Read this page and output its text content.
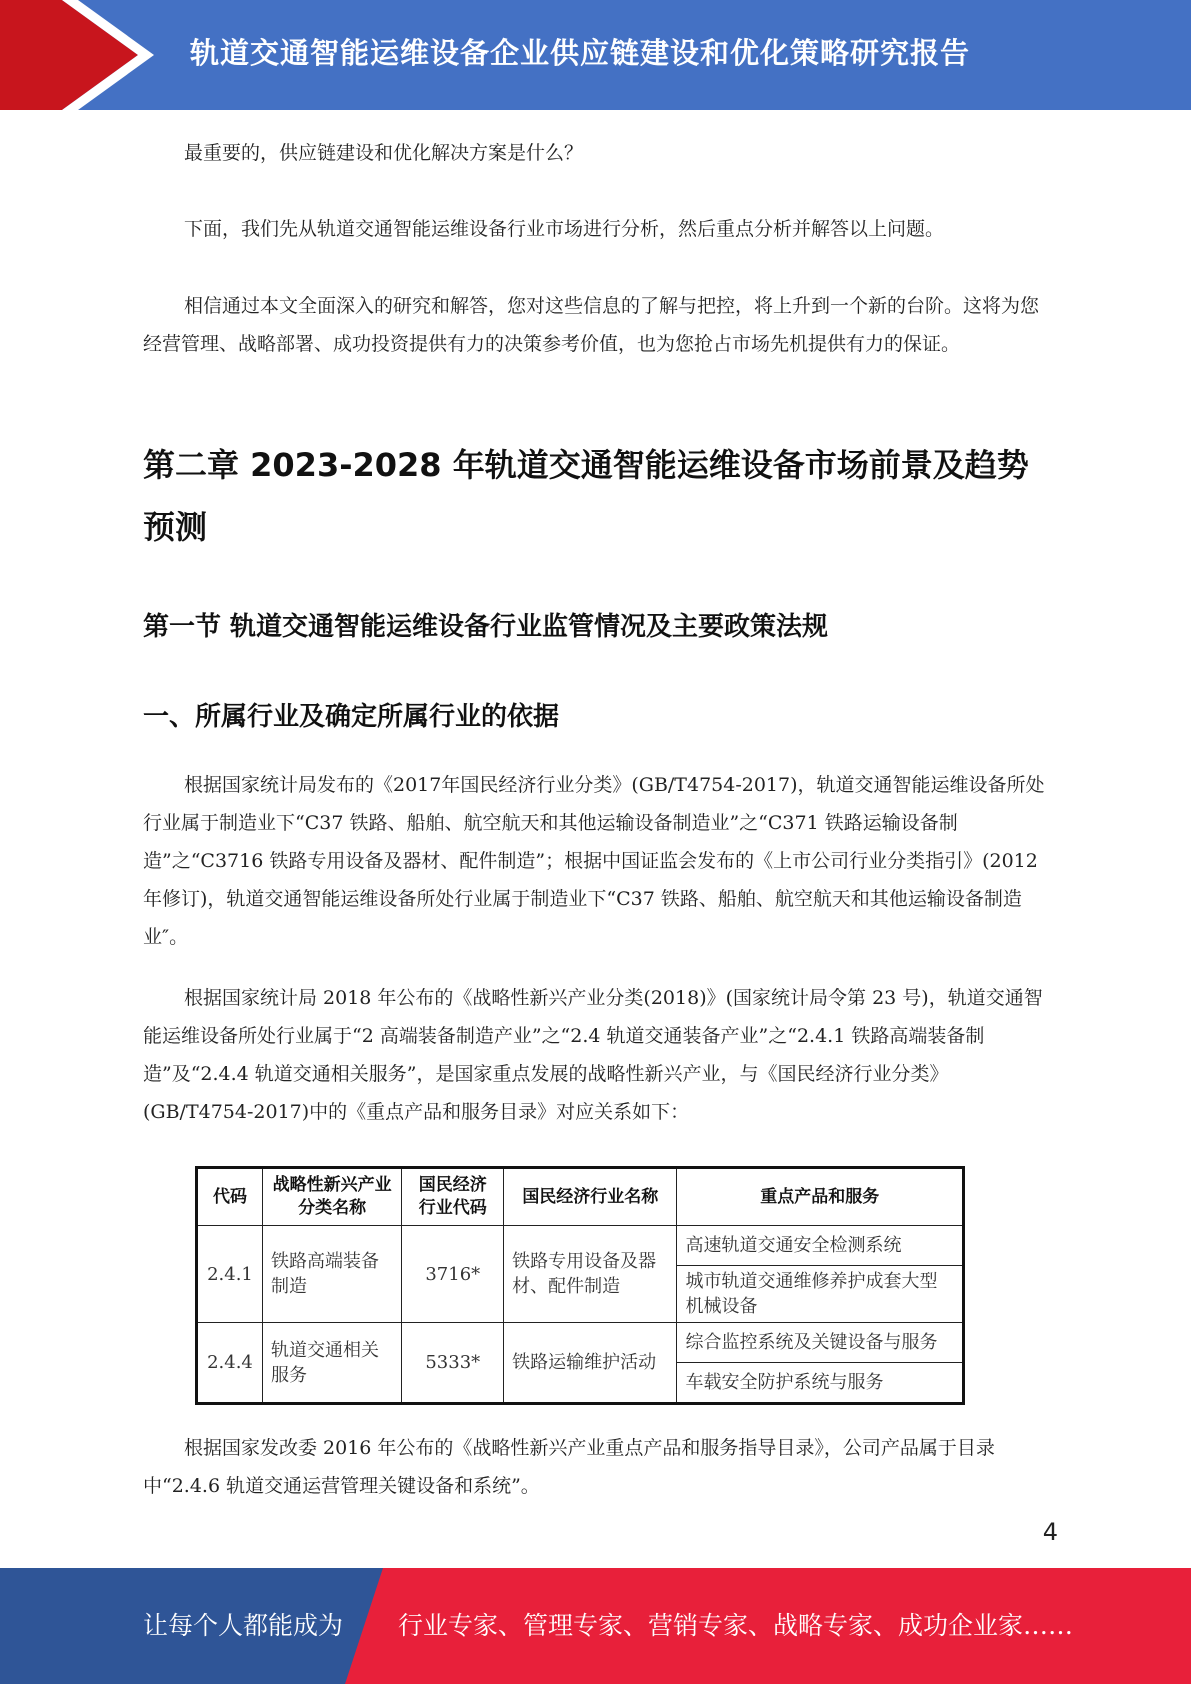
轨道交通智能运维设备企业供应链建设和优化策略研究报告

最重要的，供应链建设和优化解决方案是什么？

下面，我们先从轨道交通智能运维设备行业市场进行分析，然后重点分析并解答以上问题。

相信通过本文全面深入的研究和解答，您对这些信息的了解与把控，将上升到一个新的台阶。这将为您经营管理、战略部署、成功投资提供有力的决策参考价值，也为您抢占市场先机提供有力的保证。

第二章 2023-2028 年轨道交通智能运维设备市场前景及趋势预测
第一节 轨道交通智能运维设备行业监管情况及主要政策法规
一、所属行业及确定所属行业的依据

根据国家统计局发布的《2017年国民经济行业分类》(GB/T4754-2017)，轨道交通智能运维设备所处行业属于制造业下“C37 铁路、船舶、航空航天和其他运输设备制造业”之“C371 铁路运输设备制造”之“C3716 铁路专用设备及器材、配件制造”；根据中国证监会发布的《上市公司行业分类指引》(2012 年修订)，轨道交通智能运维设备所处行业属于制造业下“C37 铁路、船舶、航空航天和其他运输设备制造业″。

根据国家统计局 2018 年公布的《战略性新兴产业分类(2018)》(国家统计局令第 23 号)，轨道交通智能运维设备所处行业属于“2 高端装备制造产业”之“2.4 轨道交通装备产业”之“2.4.1 铁路高端装备制造”及“2.4.4 轨道交通相关服务”，是国家重点发展的战略性新兴产业，与《国民经济行业分类》(GB/T4754-2017)中的《重点产品和服务目录》对应关系如下：

根据国家发改委 2016 年公布的《战略性新兴产业重点产品和服务指导目录》，公司产品属于目录中“2.4.6 轨道交通运营管理关键设备和系统”。

代码	战略性新兴产业分类名称	国民经济行业代码	国民经济行业名称	重点产品和服务
2.4.1	铁路高端装备制造	3716*	铁路专用设备及器材、配件制造	高速轨道交通安全检测系统
				城市轨道交通维修养护成套大型机械设备
2.4.4	轨道交通相关服务	5333*	铁路运输维护活动	综合监控系统及关键设备与服务
				车载安全防护系统与服务
4
让每个人都能成为 行业专家、管理专家、营销专家、战略专家、成功企业家……
